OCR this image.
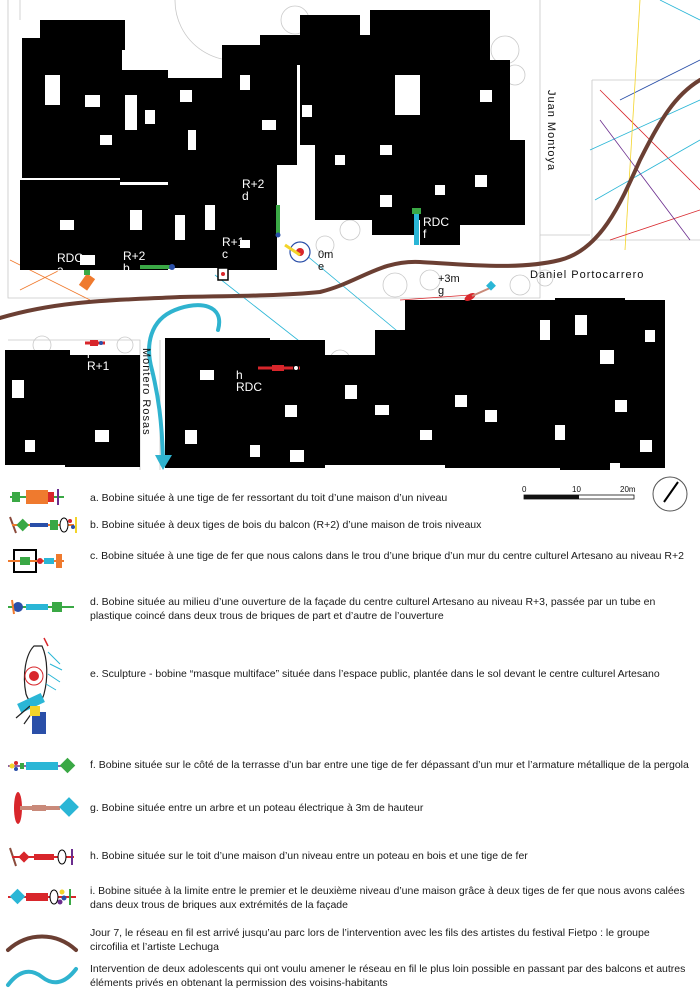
Juan Montoya
Daniel Portocarrero
Montero Rosas
RDC
a
R+2
b
R+1
c
R+2
d
0m
e
RDC
f
+3m
g
h
RDC
i
R+1
0	10	20m
a. Bobine située à une tige de fer ressortant du toit d’une maison d’un niveau
b. Bobine située à deux tiges de bois du balcon (R+2) d’une maison de trois niveaux
c. Bobine située à une tige de fer que nous calons dans le trou d’une brique d’un mur du centre culturel Artesano au niveau R+2
d. Bobine située au milieu d’une ouverture de la façade du centre culturel Artesano au niveau R+3, passée par un tube en plastique coincé dans deux trous de briques de part et d’autre de l’ouverture
e. Sculpture - bobine “masque multiface” située dans l’espace public, plantée dans le sol devant le centre culturel Artesano
f. Bobine située sur le côté de la terrasse d’un bar entre une tige de fer dépassant d’un mur et l’armature métallique de la pergola
g. Bobine située entre un arbre et un poteau électrique à 3m de hauteur
h. Bobine située sur le toit d’une maison d’un niveau entre un poteau en bois et une tige de fer
i. Bobine située à la limite entre le premier et le deuxième niveau d’une maison grâce à deux tiges de fer que nous avons calées dans deux trous de briques aux extrémités de la façade
Jour 7, le réseau en fil est arrivé jusqu’au parc lors de l’intervention avec les fils des artistes du festival Fietpo : le groupe circofilia et l’artiste Lechuga
Intervention de deux adolescents qui ont voulu amener le réseau en fil le plus loin possible en passant par des balcons et autres éléments privés en obtenant la permission des voisins-habitants
